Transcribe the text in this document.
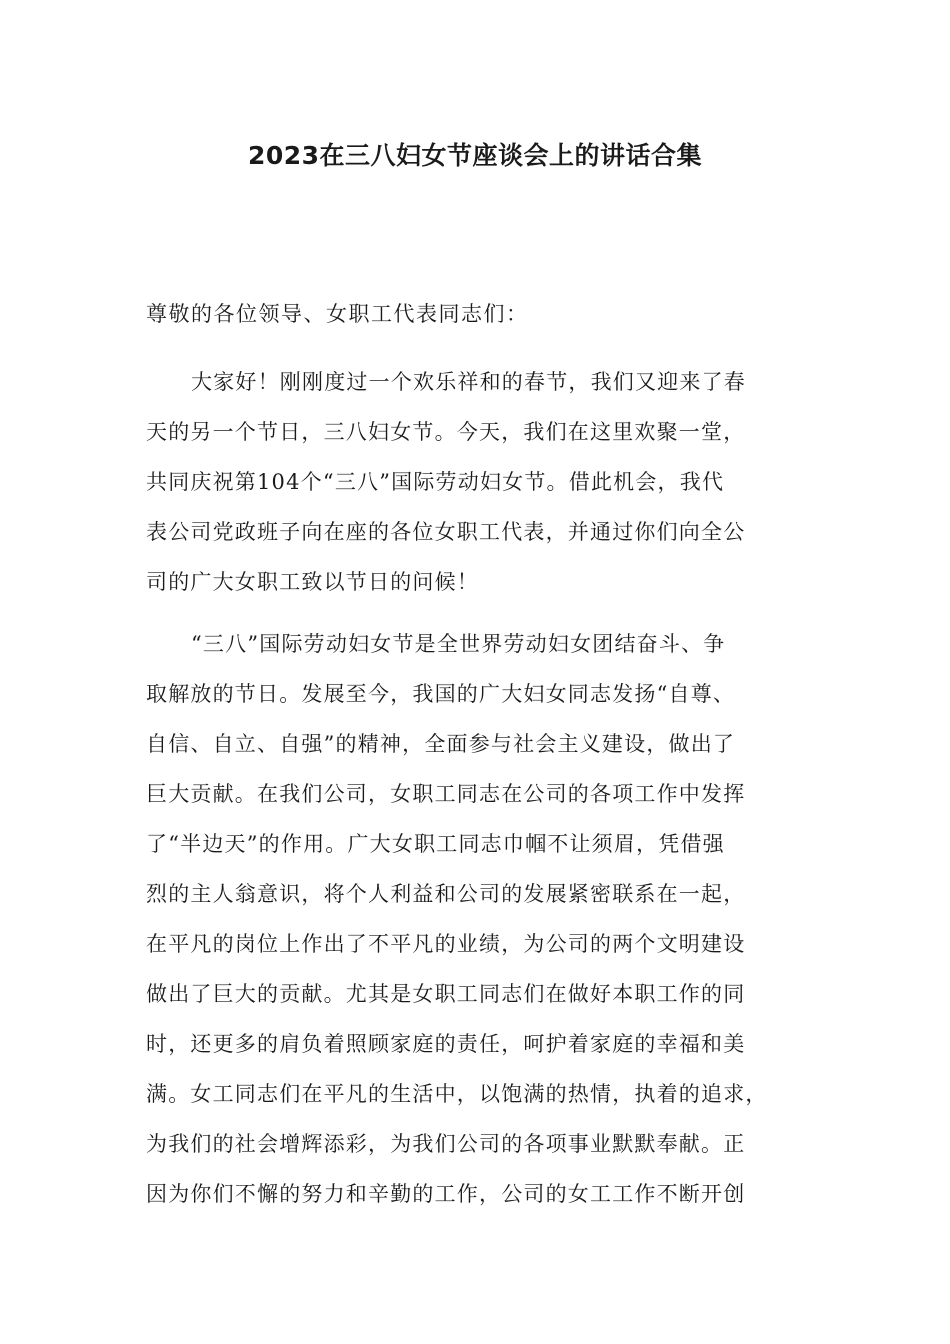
2023在三八妇女节座谈会上的讲话合集

尊敬的各位领导、女职工代表同志们：

大家好！刚刚度过一个欢乐祥和的春节，我们又迎来了春

天的另一个节日，三八妇女节。今天，我们在这里欢聚一堂，

共同庆祝第104个“三八”国际劳动妇女节。借此机会，我代

表公司党政班子向在座的各位女职工代表，并通过你们向全公

司的广大女职工致以节日的问候！

“三八”国际劳动妇女节是全世界劳动妇女团结奋斗、争

取解放的节日。发展至今，我国的广大妇女同志发扬“自尊、

自信、自立、自强”的精神，全面参与社会主义建设，做出了

巨大贡献。在我们公司，女职工同志在公司的各项工作中发挥

了“半边天”的作用。广大女职工同志巾帼不让须眉，凭借强

烈的主人翁意识，将个人利益和公司的发展紧密联系在一起，

在平凡的岗位上作出了不平凡的业绩，为公司的两个文明建设

做出了巨大的贡献。尤其是女职工同志们在做好本职工作的同

时，还更多的肩负着照顾家庭的责任，呵护着家庭的幸福和美

满。女工同志们在平凡的生活中，以饱满的热情，执着的追求，

为我们的社会增辉添彩，为我们公司的各项事业默默奉献。正

因为你们不懈的努力和辛勤的工作，公司的女工工作不断开创
